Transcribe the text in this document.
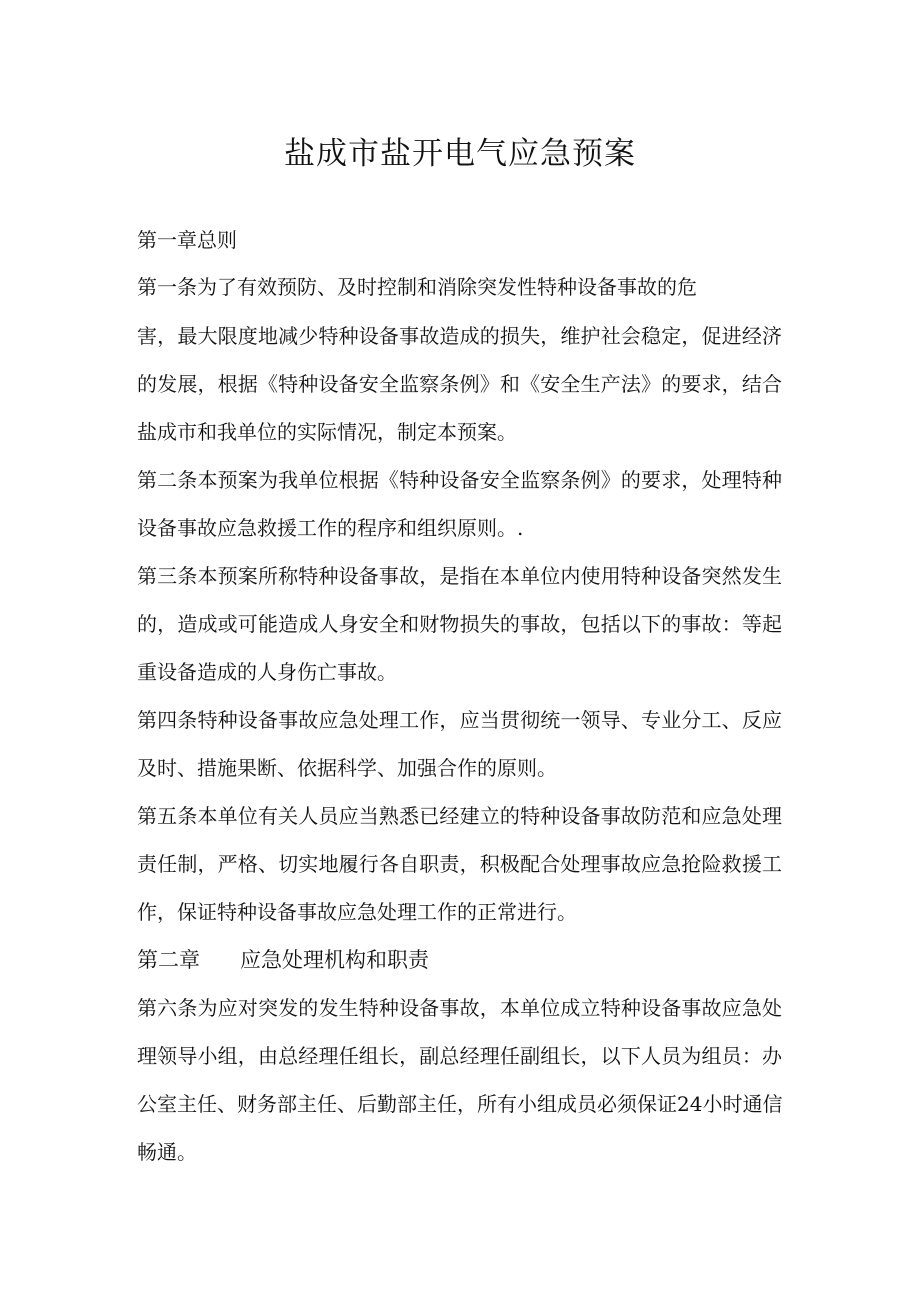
盐成市盐开电气应急预案
第一章总则
第一条为了有效预防、及时控制和消除突发性特种设备事故的危
害，最大限度地减少特种设备事故造成的损失，维护社会稳定，促进经济
的发展，根据《特种设备安全监察条例》和《安全生产法》的要求，结合
盐成市和我单位的实际情况，制定本预案。
第二条本预案为我单位根据《特种设备安全监察条例》的要求，处理特种
设备事故应急救援工作的程序和组织原则。.
第三条本预案所称特种设备事故，是指在本单位内使用特种设备突然发生
的，造成或可能造成人身安全和财物损失的事故，包括以下的事故：等起
重设备造成的人身伤亡事故。
第四条特种设备事故应急处理工作，应当贯彻统一领导、专业分工、反应
及时、措施果断、依据科学、加强合作的原则。
第五条本单位有关人员应当熟悉已经建立的特种设备事故防范和应急处理
责任制，严格、切实地履行各自职责，积极配合处理事故应急抢险救援工
作，保证特种设备事故应急处理工作的正常进行。
第二章 应急处理机构和职责
第六条为应对突发的发生特种设备事故，本单位成立特种设备事故应急处
理领导小组，由总经理任组长，副总经理任副组长，以下人员为组员：办
公室主任、财务部主任、后勤部主任，所有小组成员必须保证24小时通信
畅通。
